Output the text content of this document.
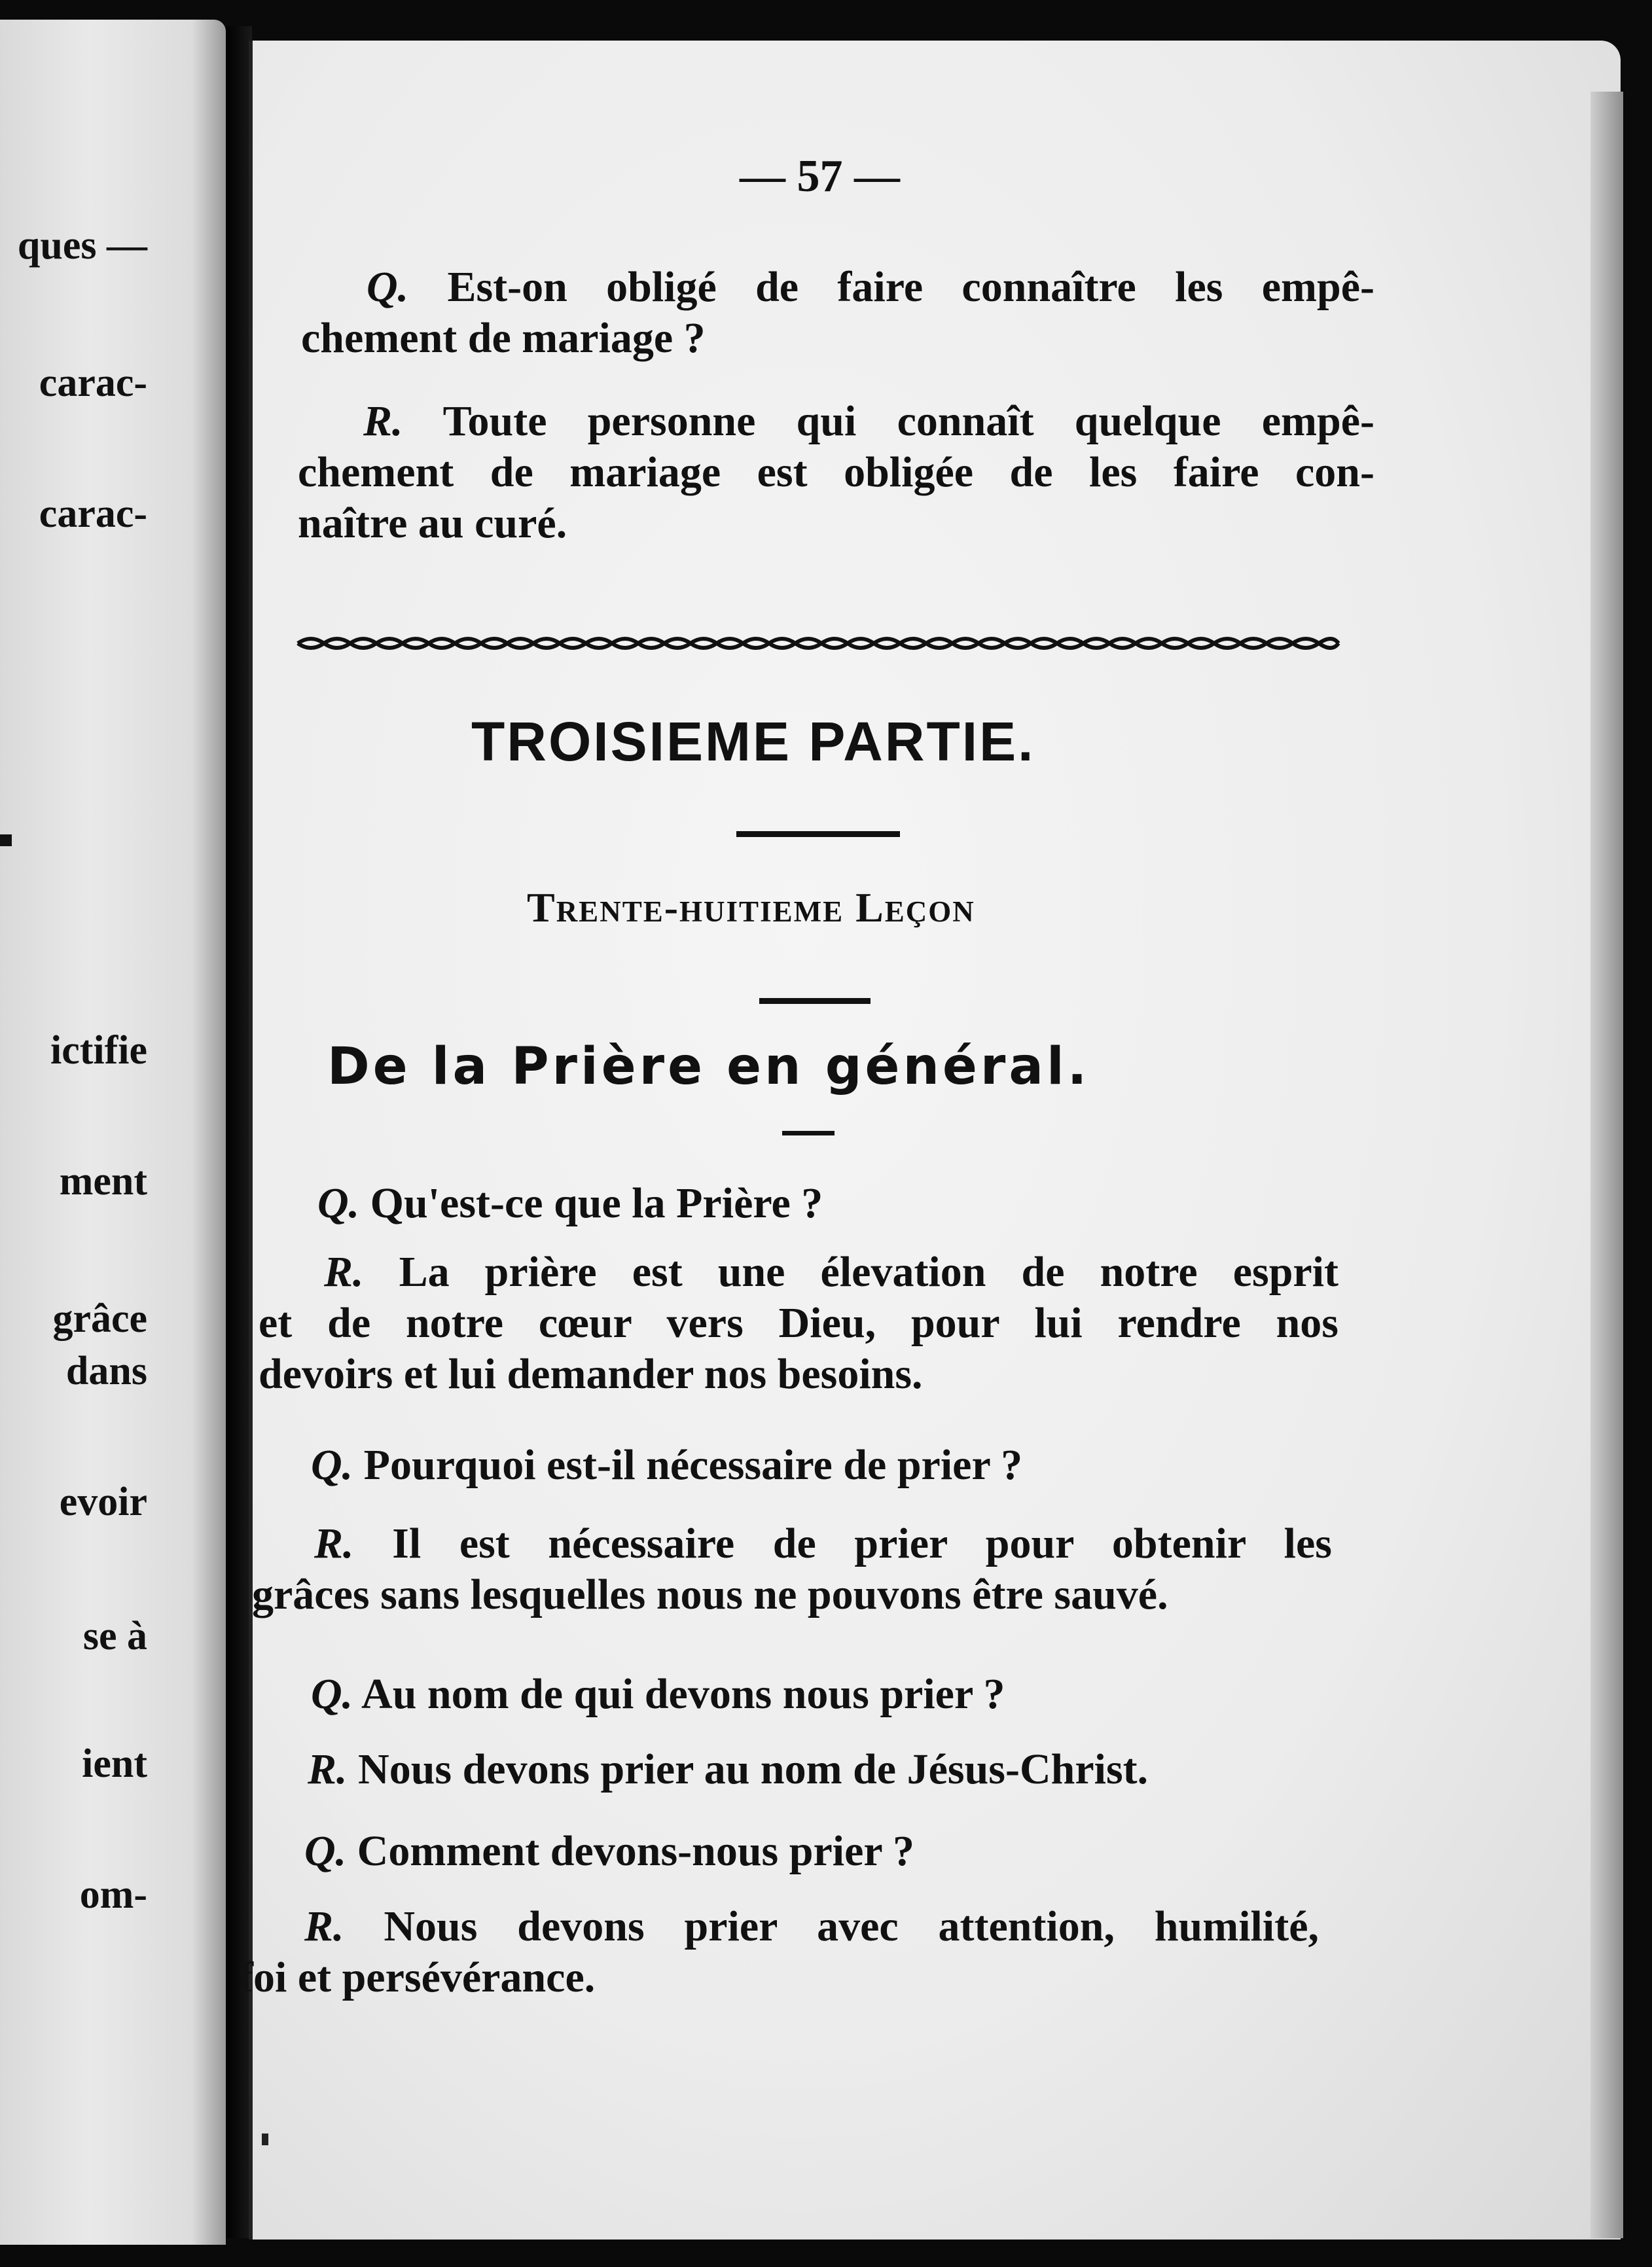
ques —
carac-
carac-
ictifie
ment
grâce
dans
evoir
se à
ient
om-
— 57 —
Q. Est-on obligé de faire connaître les empê-
chement de mariage ?
R. Toute personne qui connaît quelque empê-
chement de mariage est obligée de les faire con-
naître au curé.
TROISIEME PARTIE.
Trente-huitieme Leçon
De la Prière en général.
Q. Qu'est-ce que la Prière ?
R. La prière est une élevation de notre esprit
et de notre cœur vers Dieu, pour lui rendre nos
devoirs et lui demander nos besoins.
Q. Pourquoi est-il nécessaire de prier ?
R. Il est nécessaire de prier pour obtenir les
grâces sans lesquelles nous ne pouvons être sauvé.
Q. Au nom de qui devons nous prier ?
R. Nous devons prier au nom de Jésus-Christ.
Q. Comment devons-nous prier ?
R. Nous devons prier avec attention, humilité,
foi et persévérance.
